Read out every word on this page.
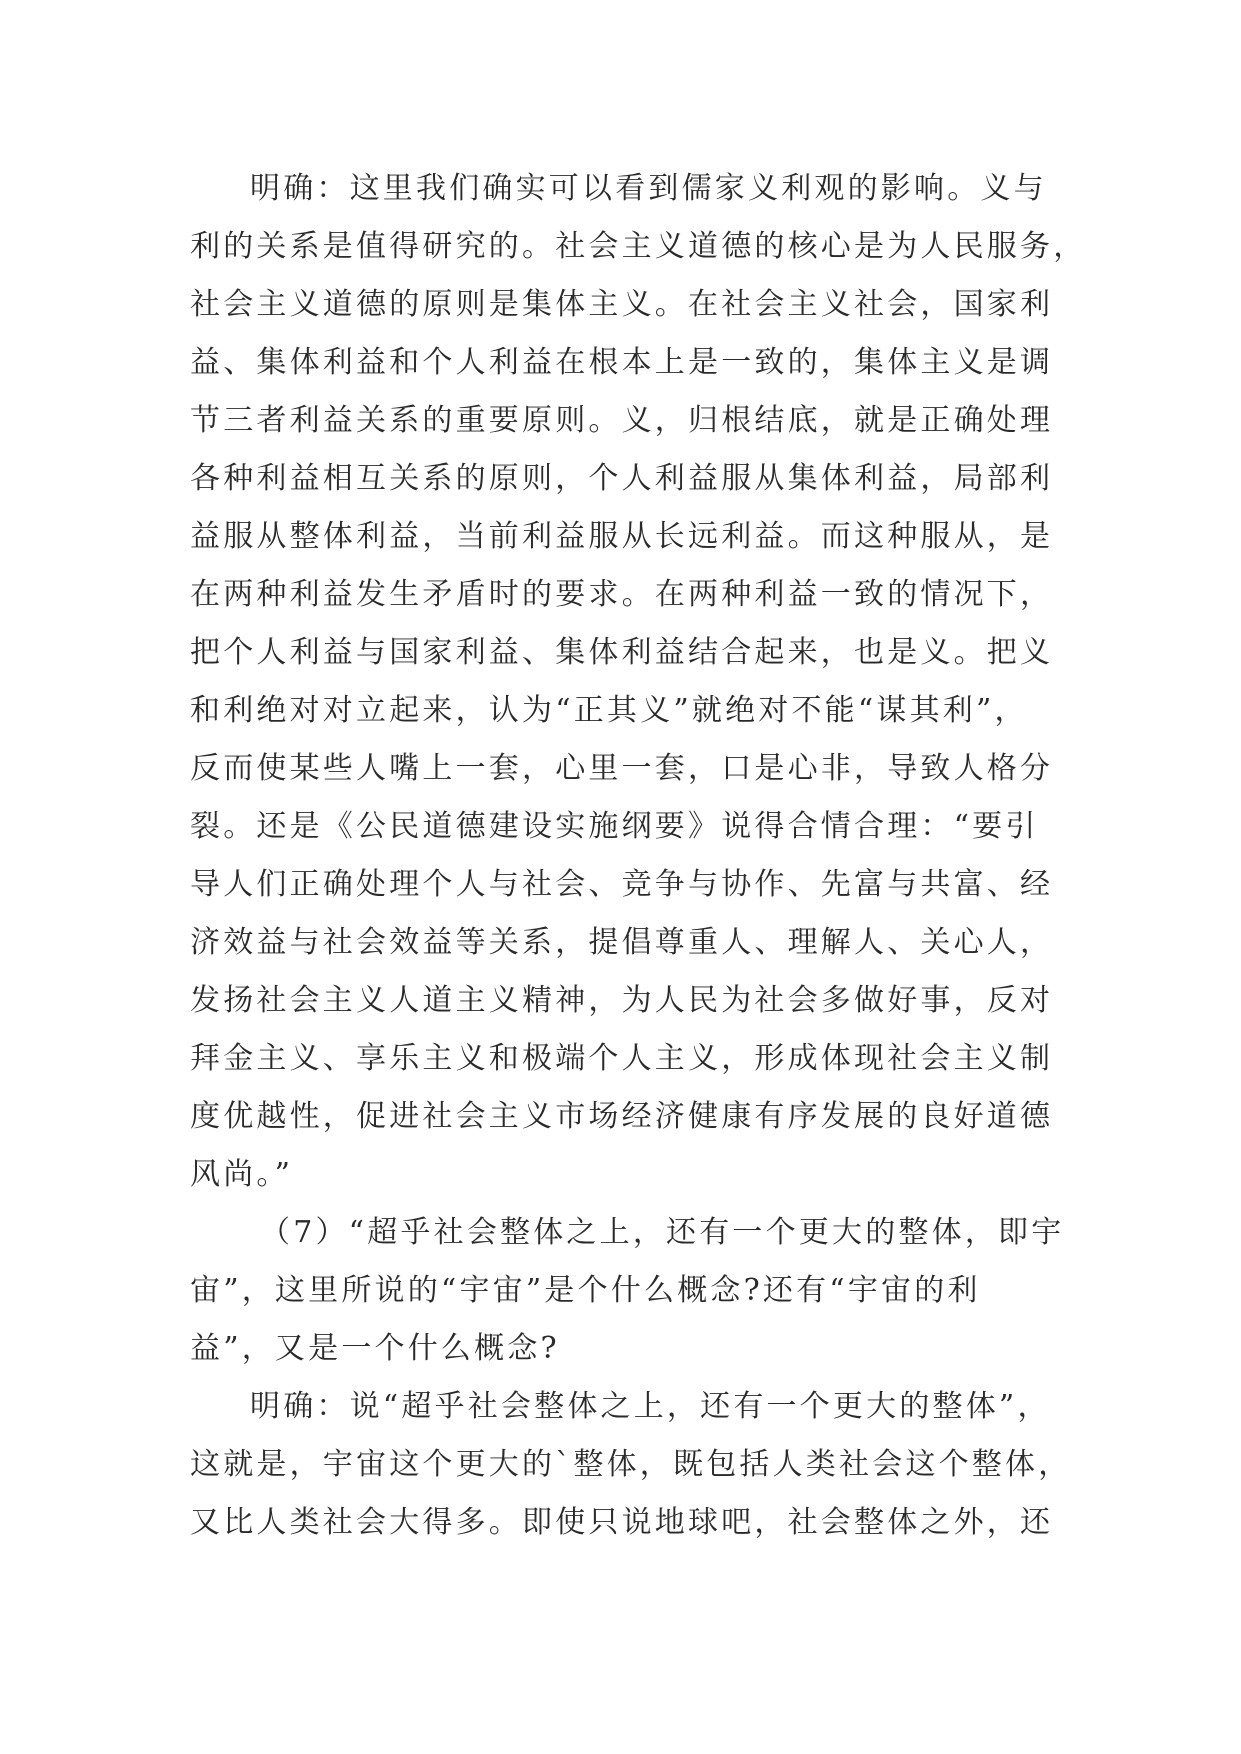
明确：这里我们确实可以看到儒家义利观的影响。义与
利的关系是值得研究的。社会主义道德的核心是为人民服务，
社会主义道德的原则是集体主义。在社会主义社会，国家利
益、集体利益和个人利益在根本上是一致的，集体主义是调
节三者利益关系的重要原则。义，归根结底，就是正确处理
各种利益相互关系的原则，个人利益服从集体利益，局部利
益服从整体利益，当前利益服从长远利益。而这种服从，是
在两种利益发生矛盾时的要求。在两种利益一致的情况下，
把个人利益与国家利益、集体利益结合起来，也是义。把义
和利绝对对立起来，认为“正其义”就绝对不能“谋其利”，
反而使某些人嘴上一套，心里一套，口是心非，导致人格分
裂。还是《公民道德建设实施纲要》说得合情合理：“要引
导人们正确处理个人与社会、竞争与协作、先富与共富、经
济效益与社会效益等关系，提倡尊重人、理解人、关心人，
发扬社会主义人道主义精神，为人民为社会多做好事，反对
拜金主义、享乐主义和极端个人主义，形成体现社会主义制
度优越性，促进社会主义市场经济健康有序发展的良好道德
风尚。”
（7）“超乎社会整体之上，还有一个更大的整体，即宇
宙”，这里所说的“宇宙”是个什么概念?还有“宇宙的利
益”，又是一个什么概念?
明确：说“超乎社会整体之上，还有一个更大的整体”，
这就是，宇宙这个更大的`整体，既包括人类社会这个整体，
又比人类社会大得多。即使只说地球吧，社会整体之外，还
